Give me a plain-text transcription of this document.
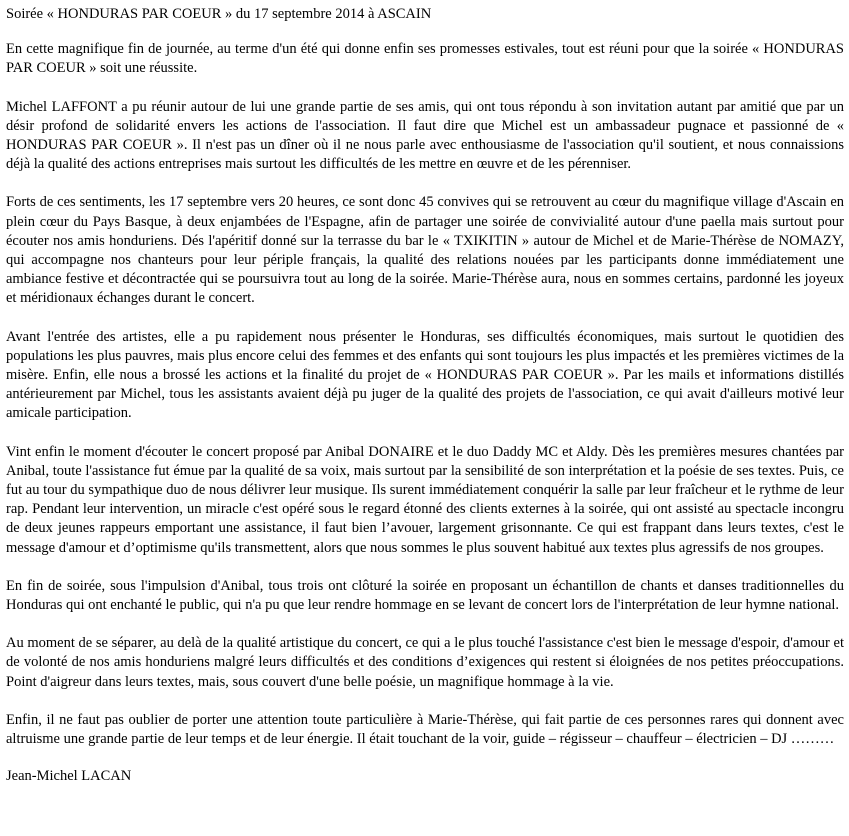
Soirée « HONDURAS PAR COEUR » du 17 septembre 2014 à ASCAIN

En cette magnifique fin de journée, au terme d'un été qui donne enfin ses promesses estivales, tout est réuni pour que la soirée « HONDURAS PAR COEUR » soit une réussite.

Michel LAFFONT a pu réunir autour de lui une grande partie de ses amis, qui ont tous répondu à son invitation autant par amitié que par un désir profond de solidarité envers les actions de l'association. Il faut dire que Michel est un ambassadeur pugnace et passionné de « HONDURAS PAR COEUR ». Il n'est pas un dîner où il ne nous parle avec enthousiasme de l'association qu'il soutient, et nous connaissions déjà la qualité des actions entreprises mais surtout les difficultés de les mettre en œuvre et de les pérenniser.

Forts de ces sentiments, les 17 septembre vers 20 heures, ce sont donc 45 convives qui se retrouvent au cœur du magnifique village d'Ascain en plein cœur du Pays Basque, à deux enjambées de l'Espagne, afin de partager une soirée de convivialité autour d'une paella mais surtout pour écouter nos amis honduriens. Dés l'apéritif donné sur la terrasse du bar le « TXIKITIN » autour de Michel et de Marie-Thérèse de NOMAZY, qui accompagne nos chanteurs pour leur périple français, la qualité des relations nouées par les participants donne immédiatement une ambiance festive et décontractée qui se poursuivra tout au long de la soirée. Marie-Thérèse aura, nous en sommes certains, pardonné les joyeux et méridionaux échanges durant le concert.

Avant l'entrée des artistes, elle a pu rapidement nous présenter le Honduras, ses difficultés économiques, mais surtout le quotidien des populations les plus pauvres, mais plus encore celui des femmes et des enfants qui sont toujours les plus impactés et les premières victimes de la misère. Enfin, elle nous a brossé les actions et la finalité du projet de « HONDURAS PAR COEUR ». Par les mails et informations distillés antérieurement par Michel, tous les assistants avaient déjà pu juger de la qualité des projets de l'association, ce qui avait d'ailleurs motivé leur amicale participation.

Vint enfin le moment d'écouter le concert proposé par Anibal DONAIRE et le duo Daddy MC et Aldy. Dès les premières mesures chantées par Anibal, toute l'assistance fut émue par la qualité de sa voix, mais surtout par la sensibilité de son interprétation et la poésie de ses textes. Puis, ce fut au tour du sympathique duo de nous délivrer leur musique. Ils surent immédiatement conquérir la salle par leur fraîcheur et le rythme de leur rap. Pendant leur intervention, un miracle c'est opéré sous le regard étonné des clients externes à la soirée, qui ont assisté au spectacle incongru de deux jeunes rappeurs emportant une assistance, il faut bien l’avouer, largement grisonnante. Ce qui est frappant dans leurs textes, c'est le message d'amour et d’optimisme qu'ils transmettent, alors que nous sommes le plus souvent habitué aux textes plus agressifs de nos groupes.

En fin de soirée, sous l'impulsion d'Anibal, tous trois ont clôturé la soirée en proposant un échantillon de chants et danses traditionnelles du Honduras qui ont enchanté le public, qui n'a pu que leur rendre hommage en se levant de concert lors de l'interprétation de leur hymne national.

Au moment de se séparer, au delà de la qualité artistique du concert, ce qui a le plus touché l'assistance c'est bien le message d'espoir, d'amour et de volonté de nos amis honduriens malgré leurs difficultés et des conditions d’exigences qui restent si éloignées de nos petites préoccupations. Point d'aigreur dans leurs textes, mais, sous couvert d'une belle poésie, un magnifique hommage à la vie.

Enfin, il ne faut pas oublier de porter une attention toute particulière à Marie-Thérèse, qui fait partie de ces personnes rares qui donnent avec altruisme une grande partie de leur temps et de leur énergie. Il était touchant de la voir, guide – régisseur – chauffeur – électricien – DJ ………

Jean-Michel LACAN
